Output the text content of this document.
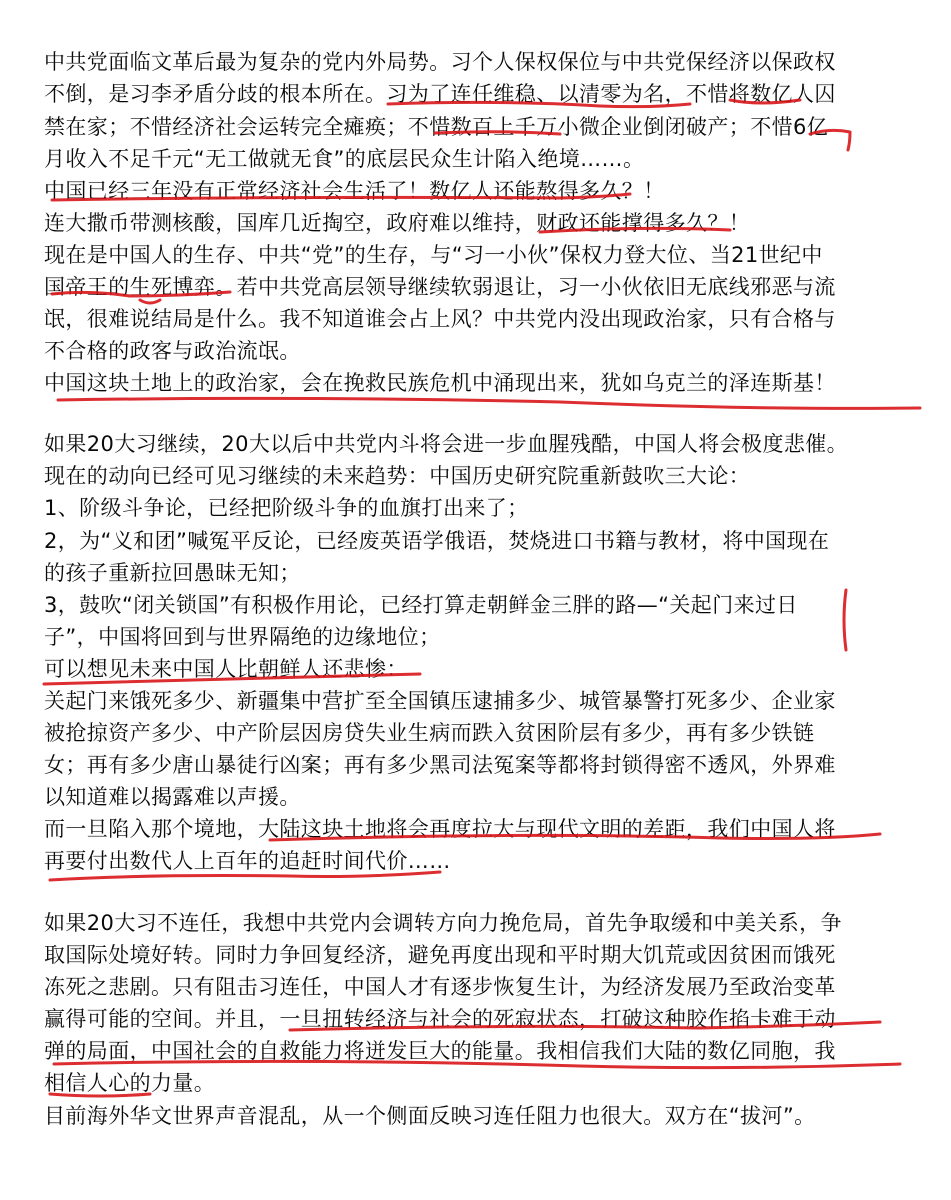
中共党面临文革后最为复杂的党内外局势。习个人保权保位与中共党保经济以保政权
不倒，是习李矛盾分歧的根本所在。习为了连任维稳、以清零为名，不惜将数亿人囚
禁在家；不惜经济社会运转完全瘫痪；不惜数百上千万小微企业倒闭破产；不惜6亿
月收入不足千元“无工做就无食”的底层民众生计陷入绝境……。
中国已经三年没有正常经济社会生活了！数亿人还能熬得多久？！
连大撒币带测核酸，国库几近掏空，政府难以维持，财政还能撑得多久？！
现在是中国人的生存、中共“党”的生存，与“习一小伙”保权力登大位、当21世纪中
国帝王的生死博弈。若中共党高层领导继续软弱退让，习一小伙依旧无底线邪恶与流
氓，很难说结局是什么。我不知道谁会占上风？中共党内没出现政治家，只有合格与
不合格的政客与政治流氓。
中国这块土地上的政治家，会在挽救民族危机中涌现出来，犹如乌克兰的泽连斯基！
如果20大习继续，20大以后中共党内斗将会进一步血腥残酷，中国人将会极度悲催。
现在的动向已经可见习继续的未来趋势：中国历史研究院重新鼓吹三大论：
1、阶级斗争论，已经把阶级斗争的血旗打出来了；
2，为“义和团”喊冤平反论，已经废英语学俄语，焚烧进口书籍与教材，将中国现在
的孩子重新拉回愚昧无知；
3，鼓吹“闭关锁国”有积极作用论，已经打算走朝鲜金三胖的路—“关起门来过日
子”，中国将回到与世界隔绝的边缘地位；
可以想见未来中国人比朝鲜人还悲惨：
关起门来饿死多少、新疆集中营扩至全国镇压逮捕多少、城管暴警打死多少、企业家
被抢掠资产多少、中产阶层因房贷失业生病而跌入贫困阶层有多少，再有多少铁链
女；再有多少唐山暴徒行凶案；再有多少黑司法冤案等都将封锁得密不透风，外界难
以知道难以揭露难以声援。
而一旦陷入那个境地，大陆这块土地将会再度拉大与现代文明的差距，我们中国人将
再要付出数代人上百年的追赶时间代价……
如果20大习不连任，我想中共党内会调转方向力挽危局，首先争取缓和中美关系，争
取国际处境好转。同时力争回复经济，避免再度出现和平时期大饥荒或因贫困而饿死
冻死之悲剧。只有阻击习连任，中国人才有逐步恢复生计，为经济发展乃至政治变革
赢得可能的空间。并且，一旦扭转经济与社会的死寂状态，打破这种胶作掐卡难于动
弹的局面，中国社会的自救能力将迸发巨大的能量。我相信我们大陆的数亿同胞，我
相信人心的力量。
目前海外华文世界声音混乱，从一个侧面反映习连任阻力也很大。双方在“拔河”。
